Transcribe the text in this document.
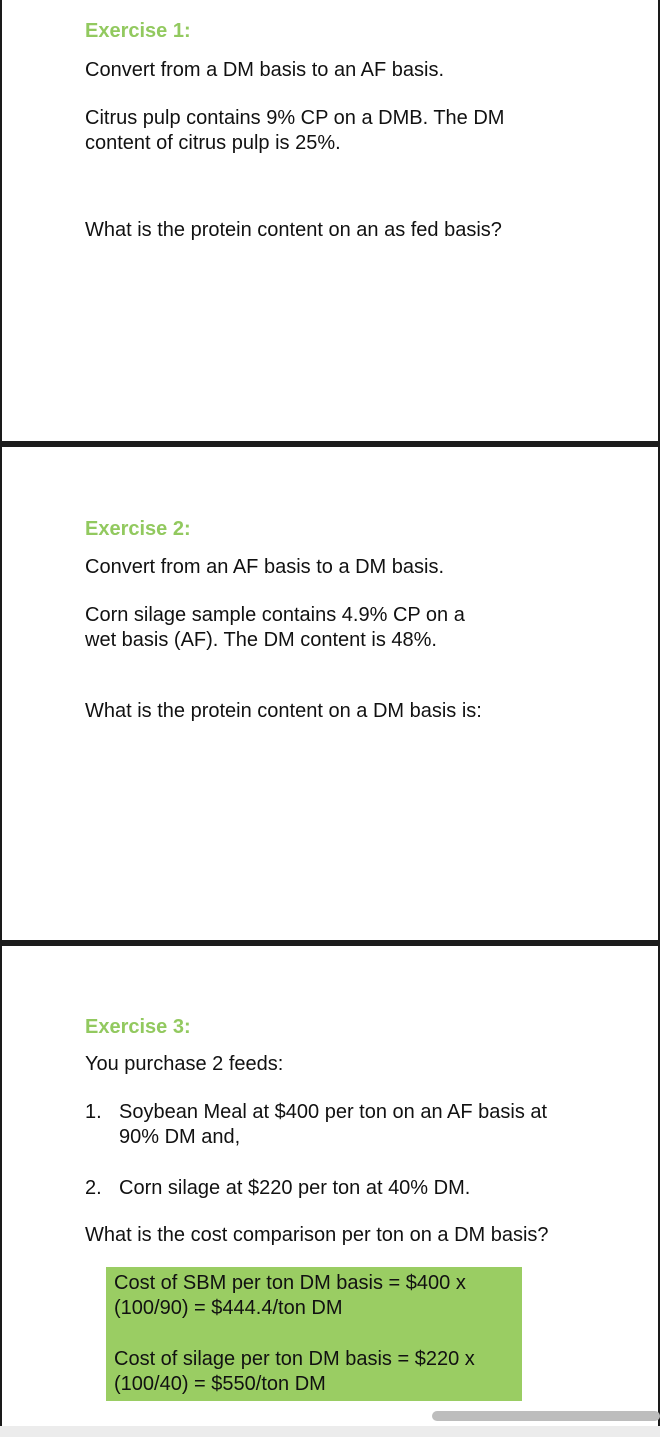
Exercise 1:

Convert from a DM basis to an AF basis.

Citrus pulp contains 9% CP on a DMB. The DM
content of citrus pulp is 25%.

What is the protein content on an as fed basis?

Exercise 2:

Convert from an AF basis to a DM basis.

Corn silage sample contains 4.9% CP on a
wet basis (AF). The DM content is 48%.

What is the protein content on a DM basis is:

Exercise 3:

You purchase 2 feeds:

1. Soybean Meal at $400 per ton on an AF basis at
90% DM and,
2. Corn silage at $220 per ton at 40% DM.

What is the cost comparison per ton on a DM basis?

Cost of SBM per ton DM basis = $400 x
(100/90) = $444.4/ton DM
Cost of silage per ton DM basis = $220 x
(100/40) = $550/ton DM
